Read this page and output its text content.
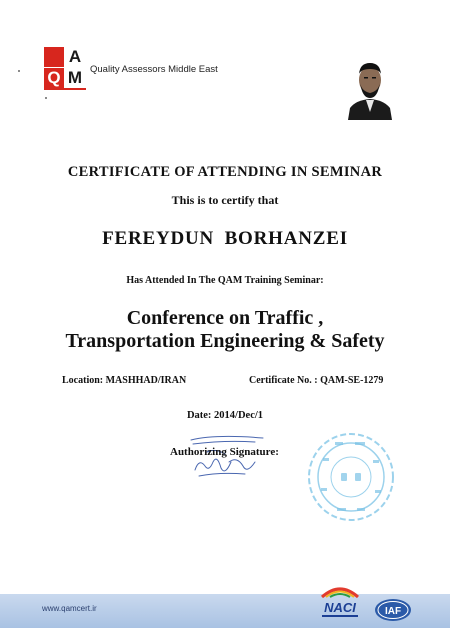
A
Q M Quality Assessors Middle East
CERTIFICATE OF ATTENDING IN SEMINAR
This is to certify that
FEREYDUN BORHANZEI
Has Attended In The QAM Training Seminar:
Conference on Traffic ,
Transportation Engineering & Safety
Location: MASHHAD/IRAN	Certificate No. : QAM-SE-1279
Date: 2014/Dec/1
Authorizing Signature:
www.qamcert.ir	NACI	IAF
